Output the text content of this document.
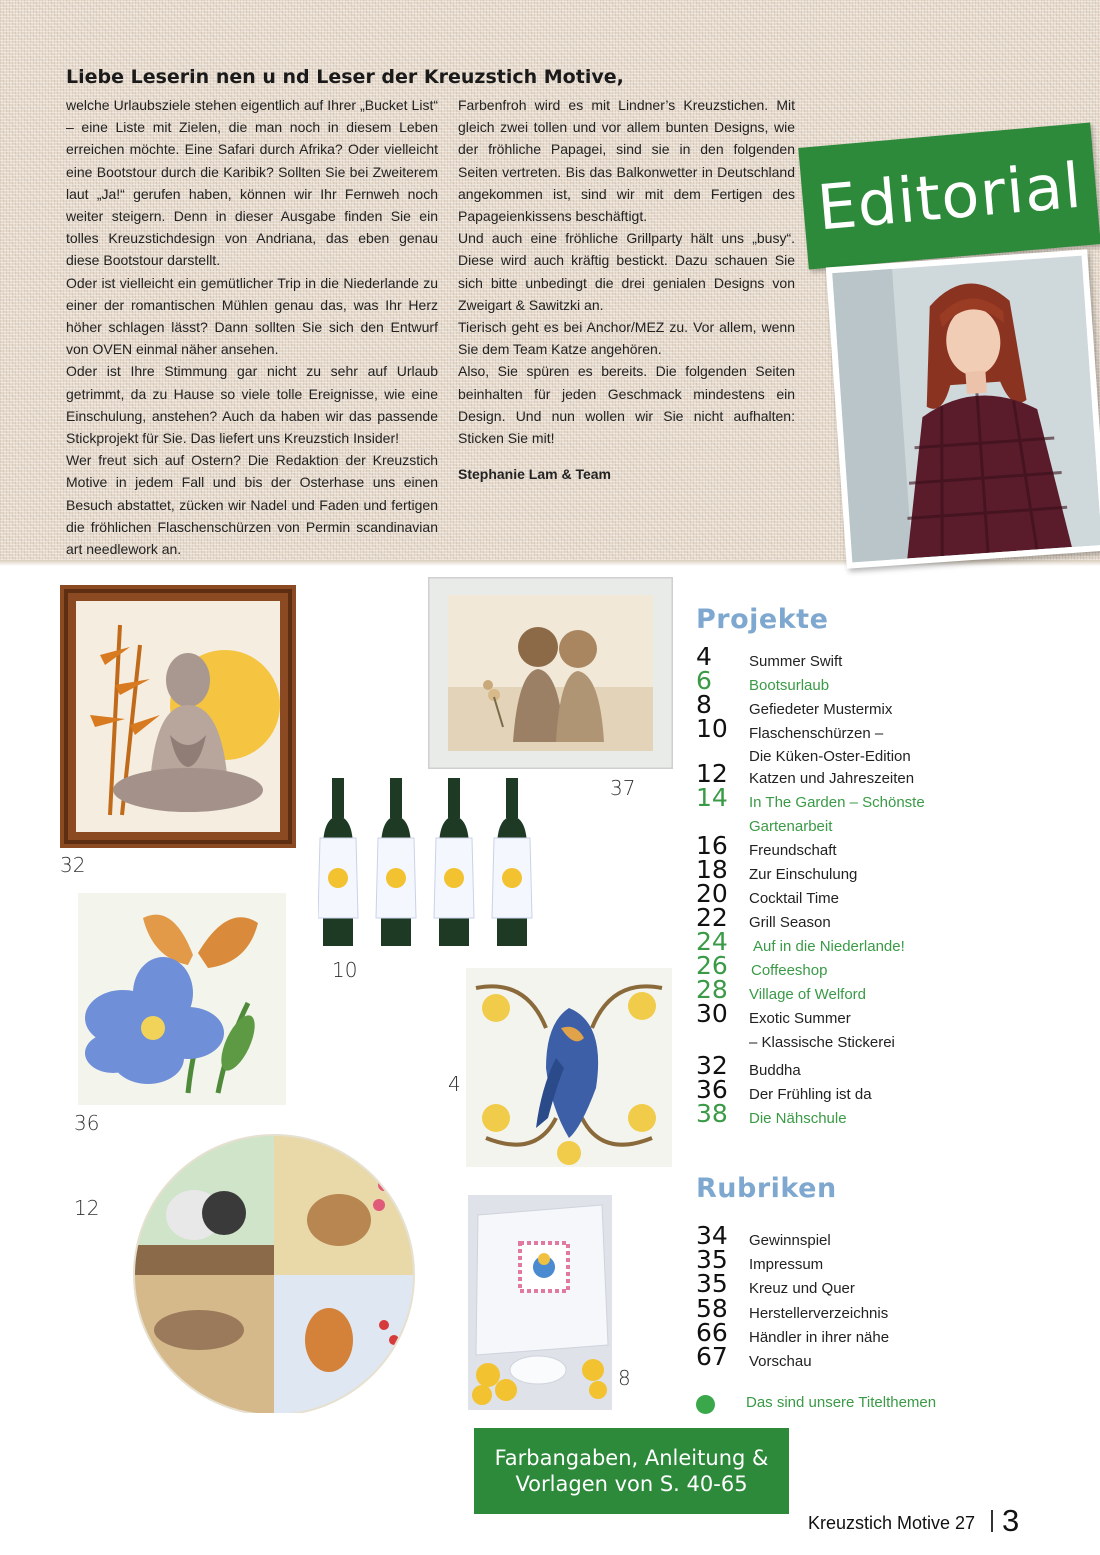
Liebe Leserin nen u nd Leser der Kreuzstich Motive,

welche Urlaubsziele stehen eigentlich auf Ihrer „Bucket List“ – eine Liste mit Zielen, die man noch in diesem Leben erreichen möchte. Eine Safari durch Afrika? Oder vielleicht eine Bootstour durch die Karibik? Sollten Sie bei Zweiterem laut „Ja!“ gerufen haben, können wir Ihr Fernweh noch weiter steigern. Denn in dieser Ausgabe finden Sie ein tolles Kreuzstichdesign von Andriana, das eben genau diese Bootstour darstellt.

Oder ist vielleicht ein gemütlicher Trip in die Niederlande zu einer der romantischen Mühlen genau das, was Ihr Herz höher schlagen lässt? Dann sollten Sie sich den Entwurf von OVEN einmal näher ansehen.

Oder ist Ihre Stimmung gar nicht zu sehr auf Urlaub getrimmt, da zu Hause so viele tolle Ereignisse, wie eine Einschulung, anstehen? Auch da haben wir das passende Stickprojekt für Sie. Das liefert uns Kreuzstich Insider!

Wer freut sich auf Ostern? Die Redaktion der Kreuzstich Motive in jedem Fall und bis der Osterhase uns einen Besuch abstattet, zücken wir Nadel und Faden und fertigen die fröhlichen Flaschenschürzen von Permin scandinavian art needlework an.

Farbenfroh wird es mit Lindner’s Kreuzstichen. Mit gleich zwei tollen und vor allem bunten Designs, wie der fröhliche Papagei, sind sie in den folgenden Seiten vertreten. Bis das Balkonwetter in Deutschland angekommen ist, sind wir mit dem Fertigen des Papageienkissens beschäftigt.

Und auch eine fröhliche Grillparty hält uns „busy“. Diese wird auch kräftig bestickt. Dazu schauen Sie sich bitte unbedingt die drei genialen Designs von Zweigart & Sawitzki an.

Tierisch geht es bei Anchor/MEZ zu. Vor allem, wenn Sie dem Team Katze angehören.

Also, Sie spüren es bereits. Die folgenden Seiten beinhalten für jeden Geschmack mindestens ein Design. Und nun wollen wir Sie nicht aufhalten: Sticken Sie mit!

Stephanie Lam & Team

Editorial
32
37
10
36
4
12
8
Projekte
4 Summer Swift
6 Bootsurlaub
8 Gefiedeter Mustermix
10 Flaschenschürzen –
Die Küken-Oster-Edition
12 Katzen und Jahreszeiten
14 In The Garden – Schönste
Gartenarbeit
16 Freundschaft
18 Zur Einschulung
20 Cocktail Time
22 Grill Season
24 Auf in die Niederlande!
26 Coffeeshop
28 Village of Welford
30 Exotic Summer
– Klassische Stickerei
32 Buddha
36 Der Frühling ist da
38 Die Nähschule
Rubriken
34 Gewinnspiel
35 Impressum
35 Kreuz und Quer
58 Herstellerverzeichnis
66 Händler in ihrer nähe
67 Vorschau
Das sind unsere Titelthemen
Farbangaben, Anleitung &
Vorlagen von S. 40-65
Kreuzstich Motive 27 3
